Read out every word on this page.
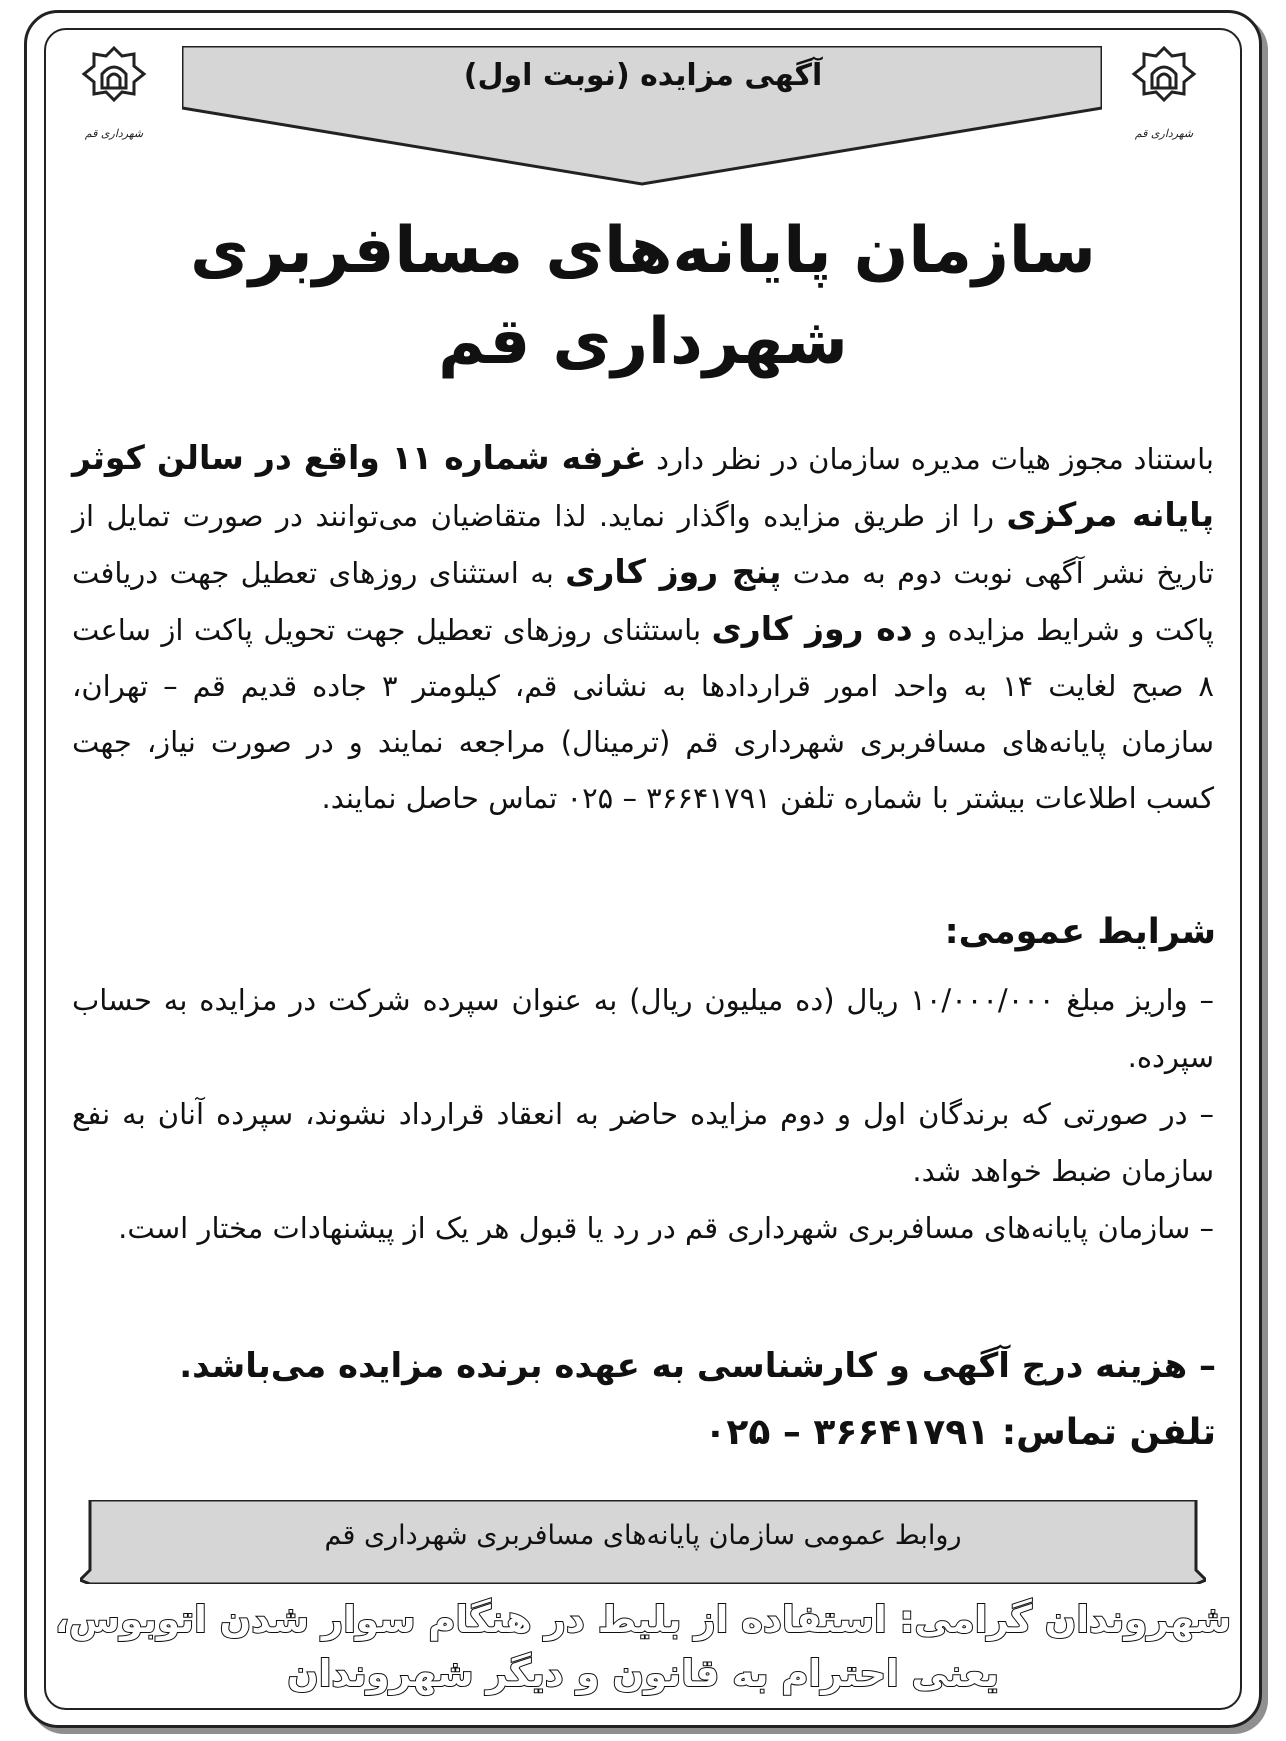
آگهی مزایده (نوبت اول)
شهرداری قم	شهرداری قم
سازمان پایانه‌های مسافربری
شهرداری قم

باستناد مجوز هیات مدیره سازمان در نظر دارد غرفه شماره ۱۱ واقع در سالن کوثر پایانه مرکزی را از طریق مزایده واگذار نماید. لذا متقاضیان می‌توانند در صورت تمایل از تاریخ نشر آگهی نوبت دوم به مدت پنج روز کاری به استثنای روزهای تعطیل جهت دریافت پاکت و شرایط مزایده و ده روز کاری باستثنای روزهای تعطیل جهت تحویل پاکت از ساعت ۸ صبح لغایت ۱۴ به واحد امور قراردادها به نشانی قم، کیلومتر ۳ جاده قدیم قم – تهران، سازمان پایانه‌های مسافربری شهرداری قم (ترمینال) مراجعه نمایند و در صورت نیاز، جهت کسب اطلاعات بیشتر با شماره تلفن ۳۶۶۴۱۷۹۱ – ۰۲۵ تماس حاصل نمایند.

شرایط عمومی:
– واریز مبلغ ۱۰/۰۰۰/۰۰۰ ریال (ده میلیون ریال) به عنوان سپرده شرکت در مزایده به حساب سپرده.
– در صورتی که برندگان اول و دوم مزایده حاضر به انعقاد قرارداد نشوند، سپرده آنان به نفع سازمان ضبط خواهد شد.
– سازمان پایانه‌های مسافربری شهرداری قم در رد یا قبول هر یک از پیشنهادات مختار است.
– هزینه درج آگهی و کارشناسی به عهده برنده مزایده می‌باشد.
تلفن تماس: ۳۶۶۴۱۷۹۱ – ۰۲۵
روابط عمومی سازمان پایانه‌های مسافربری شهرداری قم
شهروندان گرامی: استفاده از بلیط در هنگام سوار شدن اتوبوس،
یعنی احترام به قانون و دیگر شهروندان
